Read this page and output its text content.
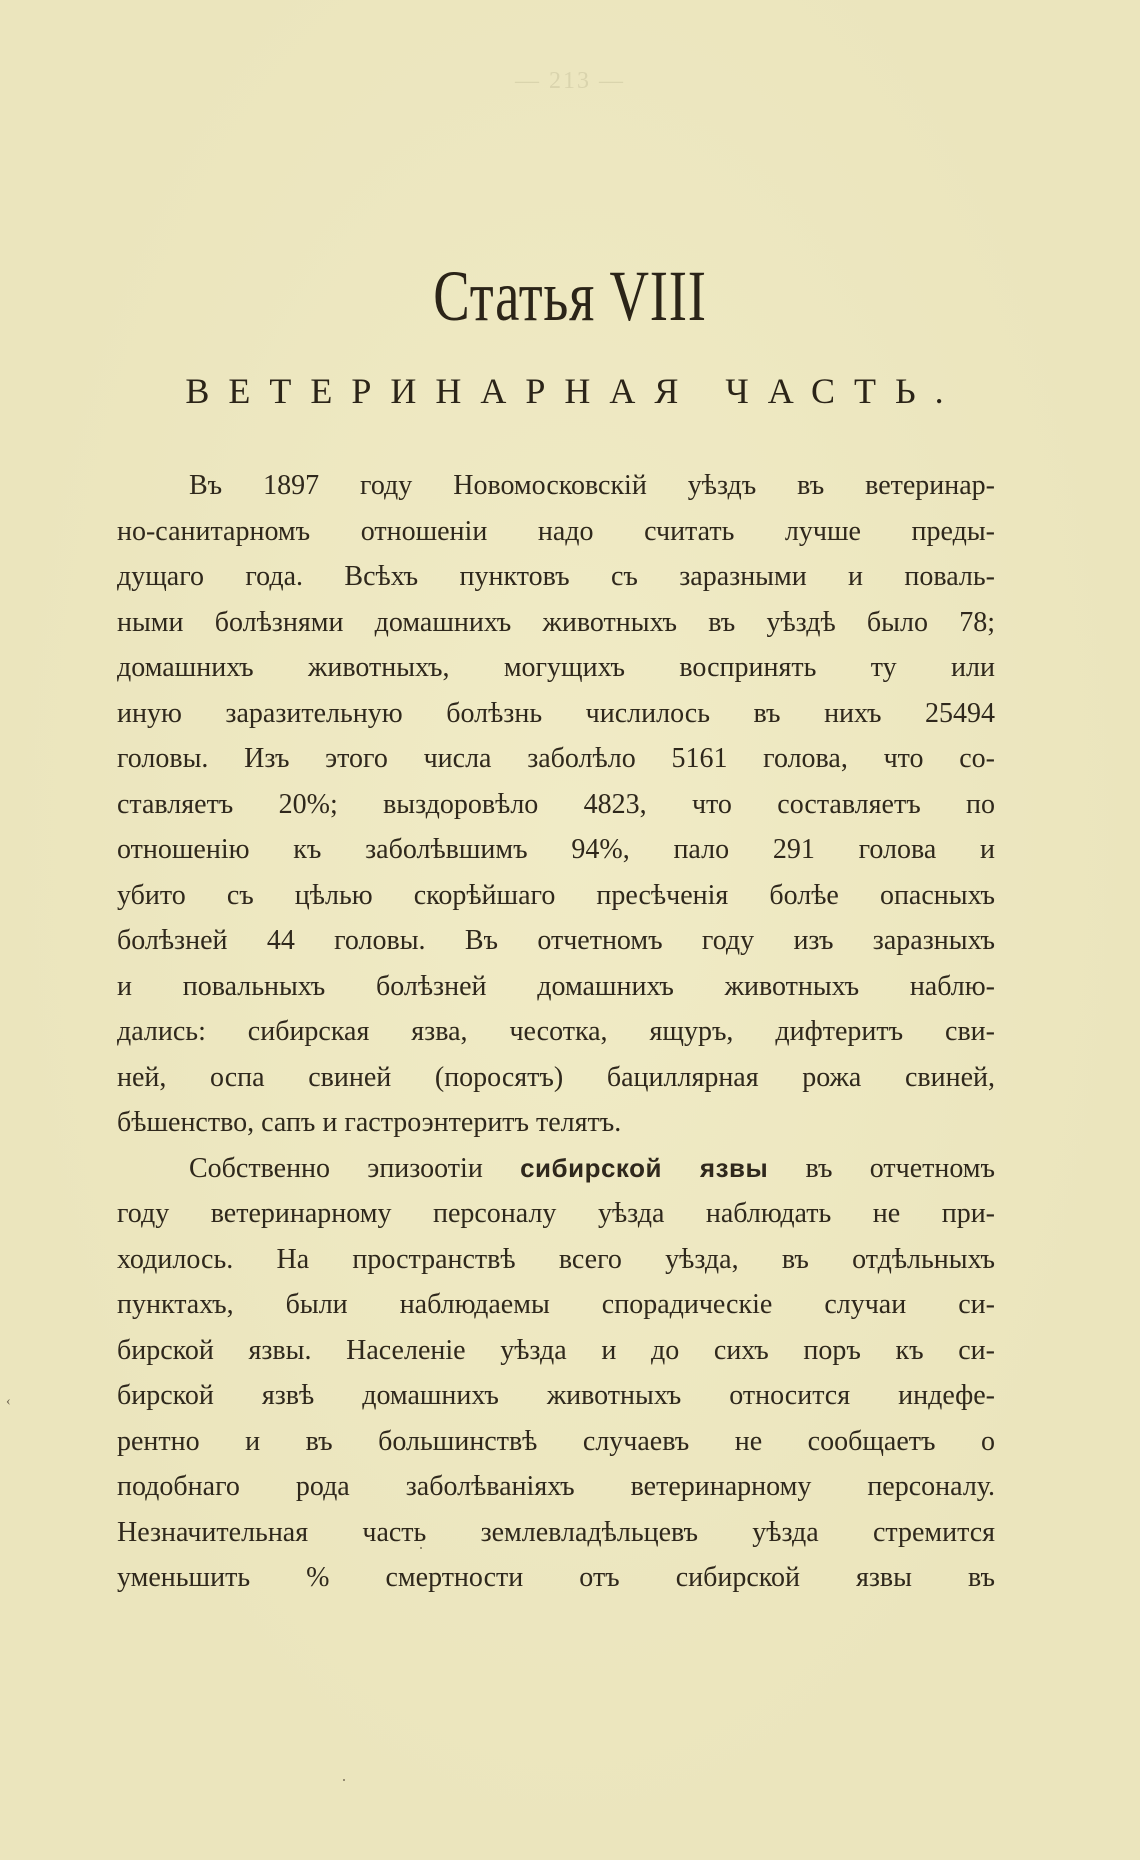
— 213 —
Статья VIII
ВЕТЕРИНАРНАЯ ЧАСТЬ.
Въ 1897 году Новомосковскій уѣздъ въ ветеринар-
но-санитарномъ отношеніи надо считать лучше преды-
дущаго года. Всѣхъ пунктовъ съ заразными и поваль-
ными болѣзнями домашнихъ животныхъ въ уѣздѣ было 78;
домашнихъ животныхъ, могущихъ воспринять ту или
иную заразительную болѣзнь числилось въ нихъ 25494
головы. Изъ этого числа заболѣло 5161 голова, что со-
ставляетъ 20%; выздоровѣло 4823, что составляетъ по
отношенію къ заболѣвшимъ 94%, пало 291 голова и
убито съ цѣлью скорѣйшаго пресѣченія болѣе опасныхъ
болѣзней 44 головы. Въ отчетномъ году изъ заразныхъ
и повальныхъ болѣзней домашнихъ животныхъ наблю-
дались: сибирская язва, чесотка, ящуръ, дифтеритъ сви-
ней, оспа свиней (поросятъ) бациллярная рожа свиней,
бѣшенство, сапъ и гастроэнтеритъ телятъ.
Собственно эпизоотіи сибирской язвы въ отчетномъ
году ветеринарному персоналу уѣзда наблюдать не при-
ходилось. На пространствѣ всего уѣзда, въ отдѣльныхъ
пунктахъ, были наблюдаемы спорадическіе случаи си-
бирской язвы. Населеніе уѣзда и до сихъ поръ къ си-
бирской язвѣ домашнихъ животныхъ относится индефе-
рентно и въ большинствѣ случаевъ не сообщаетъ о
подобнаго рода заболѣваніяхъ ветеринарному персоналу.
Незначительная часть землевладѣльцевъ уѣзда стремится
уменьшить % смертности отъ сибирской язвы въ
‹
